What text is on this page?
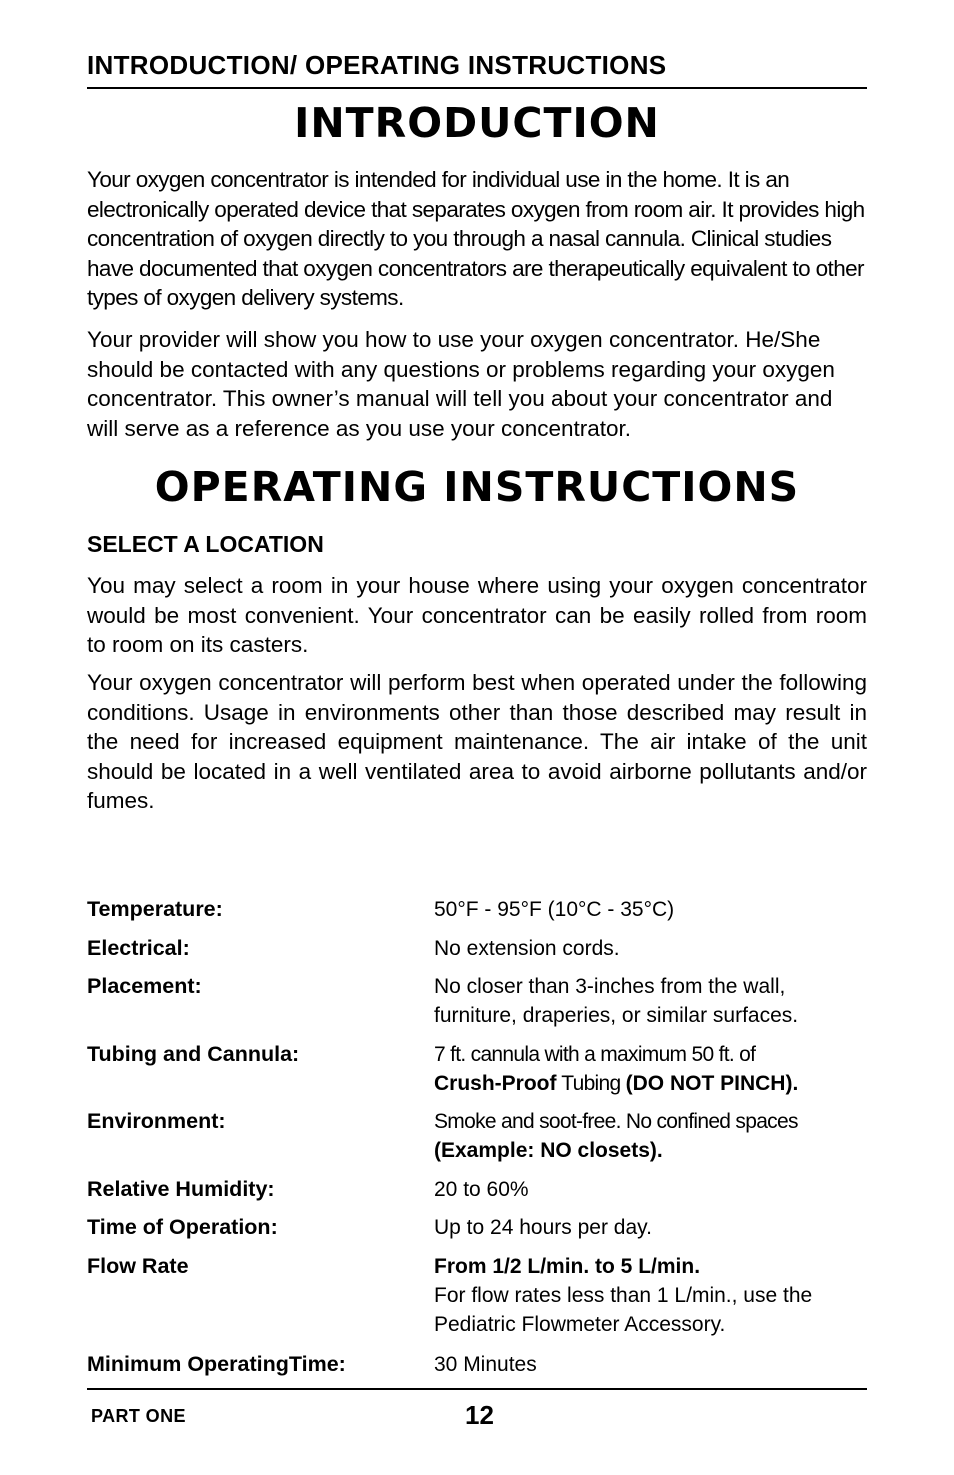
INTRODUCTION/ OPERATING INSTRUCTIONS
INTRODUCTION

Your oxygen concentrator is intended for individual use in the home. It is an electronically operated device that separates oxygen from room air. It provides high concentration of oxygen directly to you through a nasal cannula. Clinical studies have documented that oxygen concentrators are therapeutically equivalent to other types of oxygen delivery systems.

Your provider will show you how to use your oxygen concentrator. He/She should be contacted with any questions or problems regarding your oxygen concentrator. This owner’s manual will tell you about your concentrator and will serve as a reference as you use your concentrator.

OPERATING INSTRUCTIONS
SELECT A LOCATION

You may select a room in your house where using your oxygen concentrator would be most convenient. Your concentrator can be easily rolled from room to room on its casters.

Your oxygen concentrator will perform best when operated under the following conditions. Usage in environments other than those described may result in the need for increased equipment maintenance. The air intake of the unit should be located in a well ventilated area to avoid airborne pollutants and/or fumes.

Temperature:	50°F - 95°F (10°C - 35°C)
Electrical:	No extension cords.
Placement:	No closer than 3-inches from the wall,
furniture, draperies, or similar surfaces.
Tubing and Cannula:	7 ft. cannula with a maximum 50 ft. of
Crush-Proof Tubing (DO NOT PINCH).
Environment:	Smoke and soot-free. No confined spaces
(Example: NO closets).
Relative Humidity:	20 to 60%
Time of Operation:	Up to 24 hours per day.
Flow Rate	From 1/2 L/min. to 5 L/min.
For flow rates less than 1 L/min., use the
Pediatric Flowmeter Accessory.
Minimum OperatingTime:	30 Minutes
PART ONE	12
